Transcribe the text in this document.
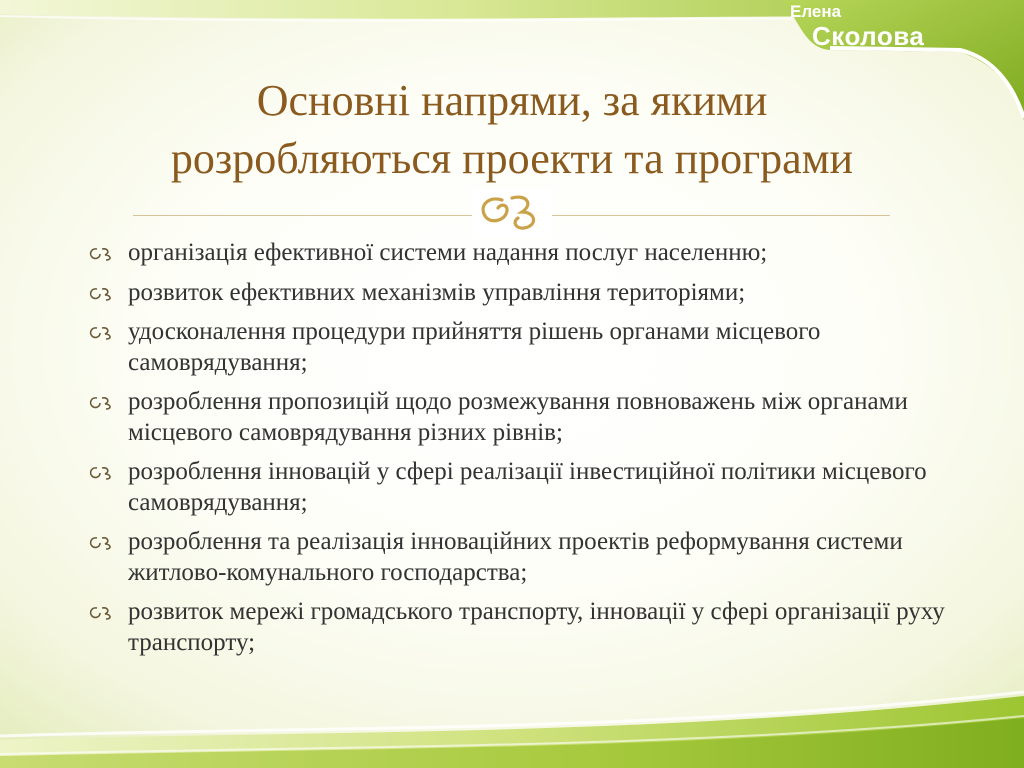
Елена
Сколова
Основні напрями, за якими
розробляються проекти та програми
організація ефективної системи надання послуг населенню;
розвиток ефективних механізмів управління територіями;
удосконалення процедури прийняття рішень органами місцевого самоврядування;
розроблення пропозицій щодо розмежування повноважень між органами місцевого самоврядування різних рівнів;
розроблення інновацій у сфері реалізації інвестиційної політики місцевого самоврядування;
розроблення та реалізація інноваційних проектів реформування системи житлово-комунального господарства;
розвиток мережі громадського транспорту, інновації у сфері організації руху транспорту;
